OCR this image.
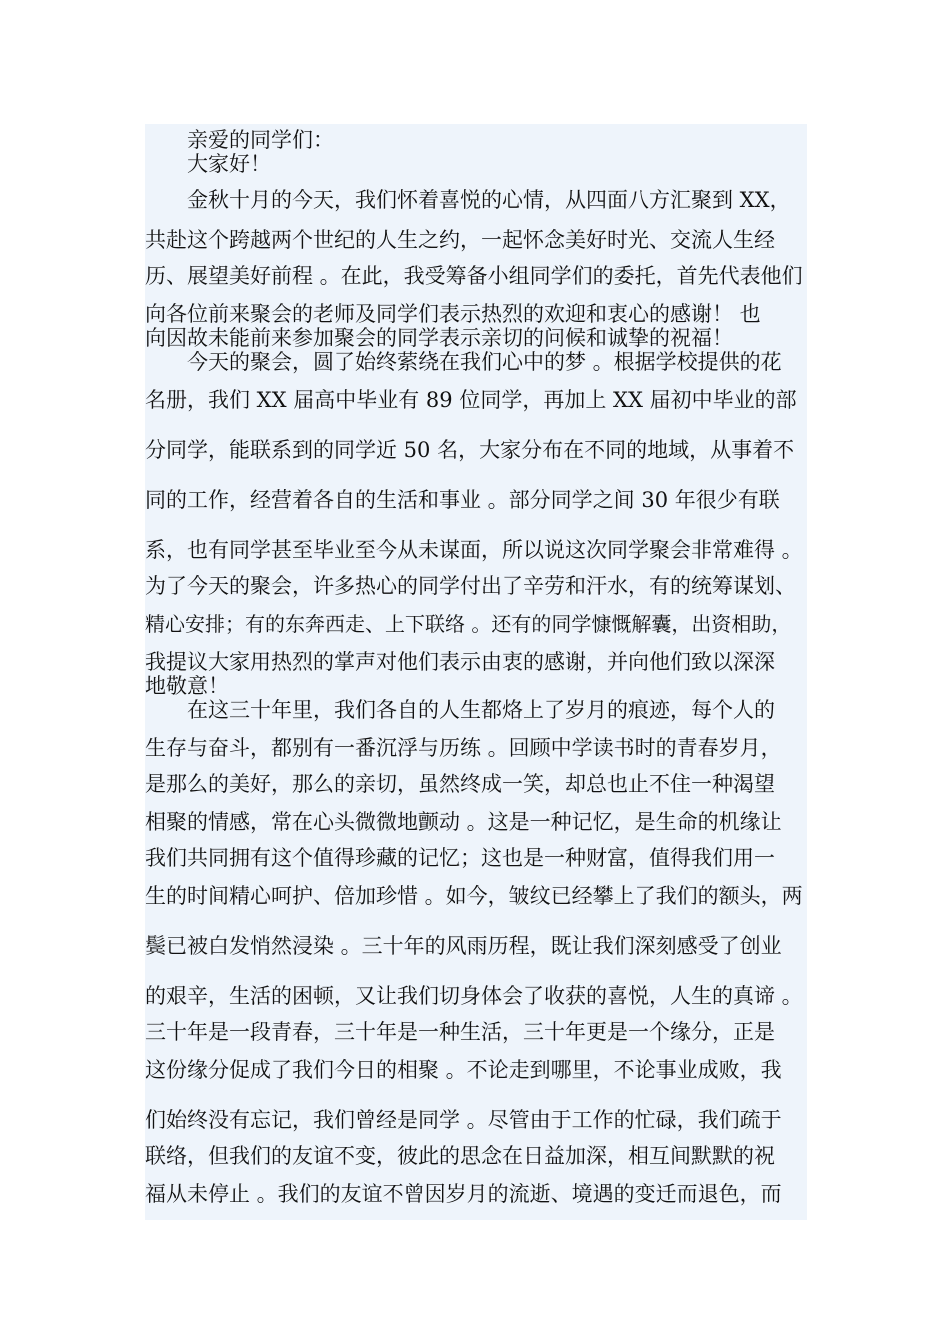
　　亲爱的同学们：
　　大家好！
　　金秋十月的今天，我们怀着喜悦的心情，从四面八方汇聚到 XX，
共赴这个跨越两个世纪的人生之约，一起怀念美好时光、交流人生经
历、展望美好前程 。在此，我受筹备小组同学们的委托，首先代表他们
向各位前来聚会的老师及同学们表示热烈的欢迎和衷心的感谢！ 也
向因故未能前来参加聚会的同学表示亲切的问候和诚挚的祝福！
　　今天的聚会，圆了始终萦绕在我们心中的梦 。根据学校提供的花
名册，我们 XX 届高中毕业有 89 位同学，再加上 XX 届初中毕业的部
分同学，能联系到的同学近 50 名，大家分布在不同的地域，从事着不
同的工作，经营着各自的生活和事业 。部分同学之间 30 年很少有联
系，也有同学甚至毕业至今从未谋面，所以说这次同学聚会非常难得 。
为了今天的聚会，许多热心的同学付出了辛劳和汗水，有的统筹谋划、
精心安排；有的东奔西走、上下联络 。还有的同学慷慨解囊，出资相助，
我提议大家用热烈的掌声对他们表示由衷的感谢，并向他们致以深深
地敬意！
　　在这三十年里，我们各自的人生都烙上了岁月的痕迹，每个人的
生存与奋斗，都别有一番沉浮与历练 。回顾中学读书时的青春岁月，
是那么的美好，那么的亲切，虽然终成一笑，却总也止不住一种渴望
相聚的情感，常在心头微微地颤动 。这是一种记忆，是生命的机缘让
我们共同拥有这个值得珍藏的记忆；这也是一种财富，值得我们用一
生的时间精心呵护、倍加珍惜 。如今，皱纹已经攀上了我们的额头，两
鬓已被白发悄然浸染 。三十年的风雨历程，既让我们深刻感受了创业
的艰辛，生活的困顿，又让我们切身体会了收获的喜悦，人生的真谛 。
三十年是一段青春，三十年是一种生活，三十年更是一个缘分，正是
这份缘分促成了我们今日的相聚 。不论走到哪里，不论事业成败，我
们始终没有忘记，我们曾经是同学 。尽管由于工作的忙碌，我们疏于
联络，但我们的友谊不变，彼此的思念在日益加深，相互间默默的祝
福从未停止 。我们的友谊不曾因岁月的流逝、境遇的变迁而退色，而
